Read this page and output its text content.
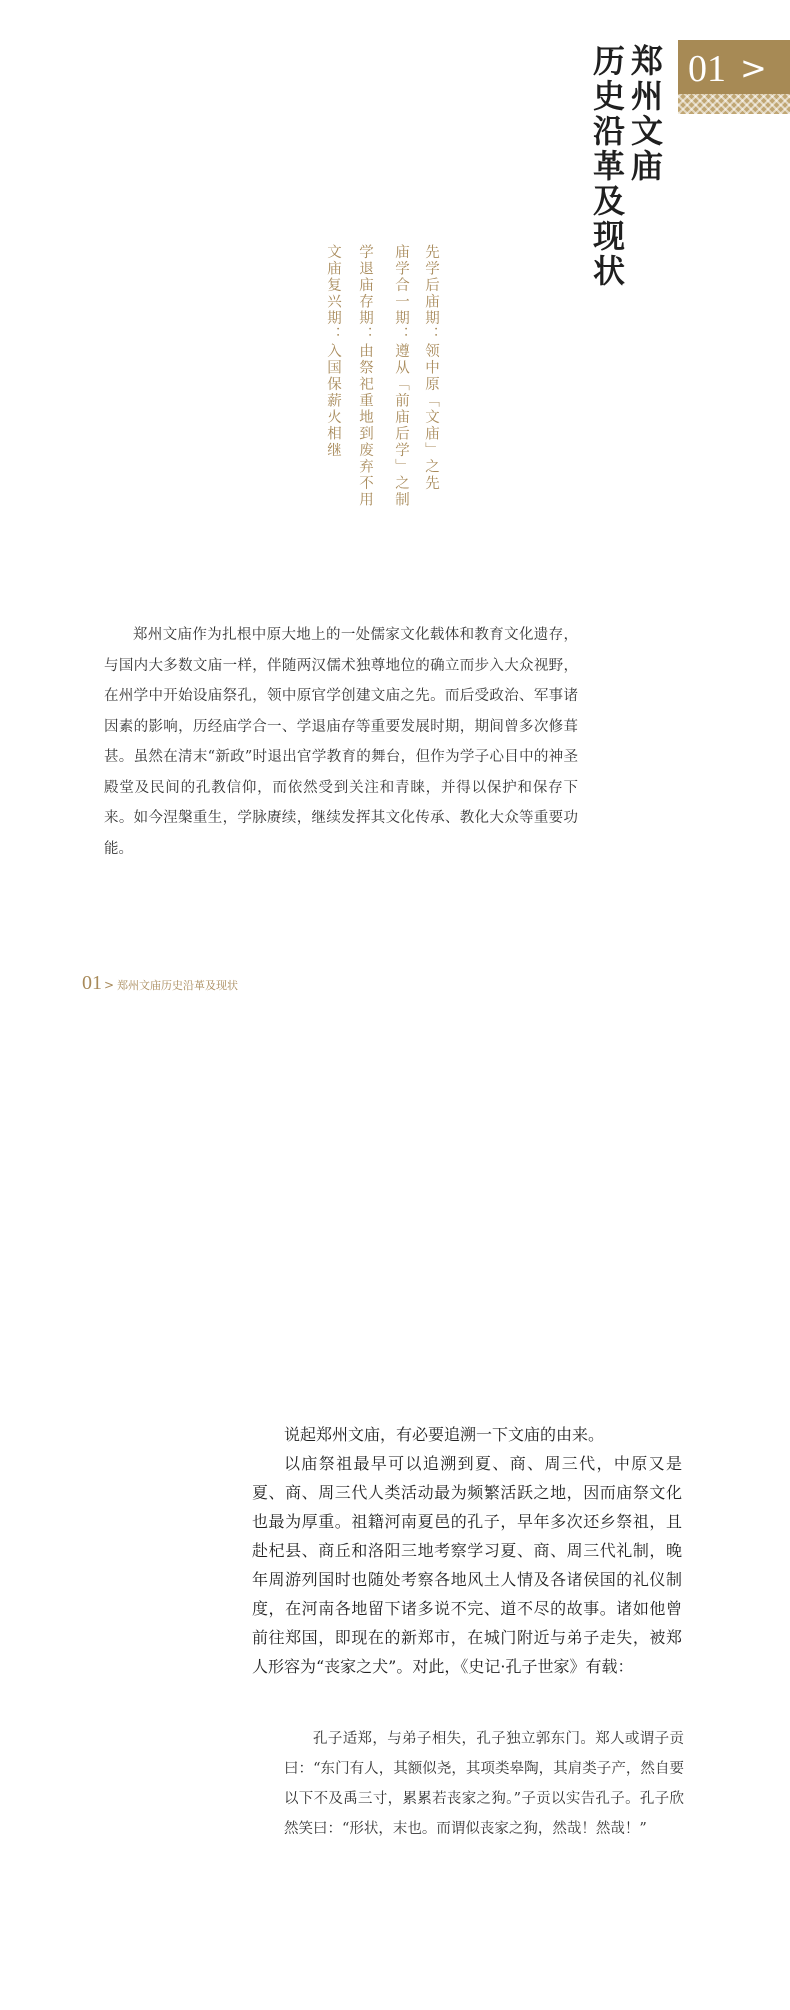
01 >
郑州文庙
历史沿革及现状
先学后庙期：领中原「文庙」之先
庙学合一期：遵从「前庙后学」之制
学退庙存期：由祭祀重地到废弃不用
文庙复兴期：入国保薪火相继

郑州文庙作为扎根中原大地上的一处儒家文化载体和教育文化遗存，与国内大多数文庙一样，伴随两汉儒术独尊地位的确立而步入大众视野，在州学中开始设庙祭孔，领中原官学创建文庙之先。而后受政治、军事诸因素的影响，历经庙学合一、学退庙存等重要发展时期，期间曾多次修葺甚。虽然在清末“新政”时退出官学教育的舞台，但作为学子心目中的神圣殿堂及民间的孔教信仰，而依然受到关注和青睐，并得以保护和保存下来。如今涅槃重生，学脉赓续，继续发挥其文化传承、教化大众等重要功能。

01 > 郑州文庙历史沿革及现状

说起郑州文庙，有必要追溯一下文庙的由来。

以庙祭祖最早可以追溯到夏、商、周三代，中原又是夏、商、周三代人类活动最为频繁活跃之地，因而庙祭文化也最为厚重。祖籍河南夏邑的孔子，早年多次还乡祭祖，且赴杞县、商丘和洛阳三地考察学习夏、商、周三代礼制，晚年周游列国时也随处考察各地风土人情及各诸侯国的礼仪制度，在河南各地留下诸多说不完、道不尽的故事。诸如他曾前往郑国，即现在的新郑市，在城门附近与弟子走失，被郑人形容为“丧家之犬”。对此，《史记·孔子世家》有载：

孔子适郑，与弟子相失，孔子独立郭东门。郑人或谓子贡曰：“东门有人，其额似尧，其项类皋陶，其肩类子产，然自要以下不及禹三寸，累累若丧家之狗。”子贡以实告孔子。孔子欣然笑曰：“形状，末也。而谓似丧家之狗，然哉！然哉！”
